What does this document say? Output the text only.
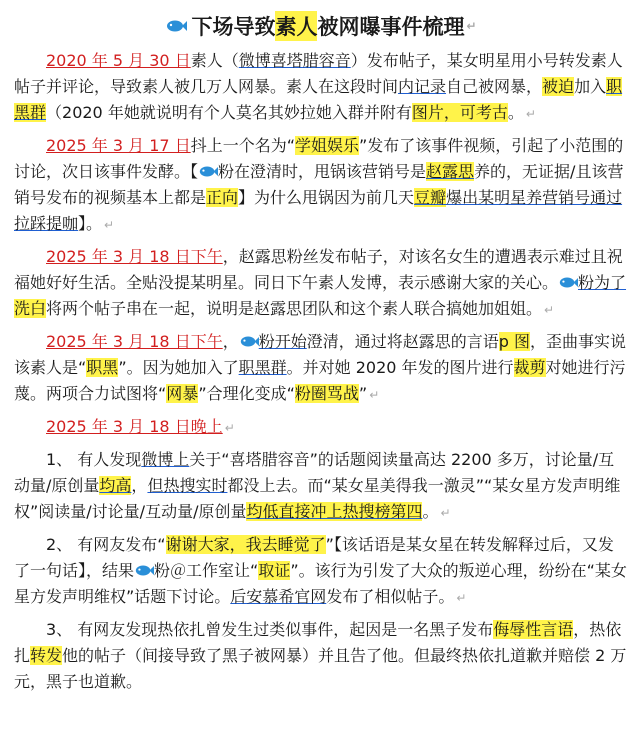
下场导致 素人 被网曝事件梳理 ↵

2020 年 5 月 30 日素人（微博喜塔腊容音）发布帖子，某女明星用小号转发素人帖子并评论，导致素人被几万人网暴。素人在这段时间内记录自己被网暴，被迫加入职黑群（2020 年她就说明有个人莫名其妙拉她入群并附有图片，可考古。 ↵

2025 年 3 月 17 日抖上一个名为“学姐娱乐”发布了该事件视频，引起了小范围的讨论，次日该事件发酵。【 粉在澄清时，甩锅该营销号是赵露思养的，无证据/且该营销号发布的视频基本上都是正向】为什么甩锅因为前几天豆瓣爆出某明星养营销号通过拉踩提咖】。 ↵

2025 年 3 月 18 日下午，赵露思粉丝发布帖子，对该名女生的遭遇表示难过且祝福她好好生活。全贴没提某明星。同日下午素人发博，表示感谢大家的关心。 粉为了洗白将两个帖子串在一起，说明是赵露思团队和这个素人联合搞她加姐姐。 ↵

2025 年 3 月 18 日下午， 粉开始澄清，通过将赵露思的言语p 图，歪曲事实说该素人是“职黑”。因为她加入了职黑群。并对她 2020 年发的图片进行裁剪对她进行污蔑。两项合力试图将“网暴”合理化变成“粉圈骂战” ↵

2025 年 3 月 18 日晚上 ↵

1、 有人发现微博上关于“喜塔腊容音”的话题阅读量高达 2200 多万，讨论量/互动量/原创量均高，但热搜实时都没上去。而“某女星美得我一激灵”“某女星方发声明维权”阅读量/讨论量/互动量/原创量均低直接冲上热搜榜第四。 ↵

2、 有网友发布“谢谢大家，我去睡觉了”【该话语是某女星在转发解释过后，又发了一句话】，结果 粉＠工作室让“取证”。该行为引发了大众的叛逆心理，纷纷在“某女星方发声明维权”话题下讨论。后安慕希官网发布了相似帖子。 ↵

3、 有网友发现热依扎曾发生过类似事件，起因是一名黑子发布侮辱性言语，热依扎转发他的帖子（间接导致了黑子被网暴）并且告了他。但最终热依扎道歉并赔偿 2 万元，黑子也道歉。
